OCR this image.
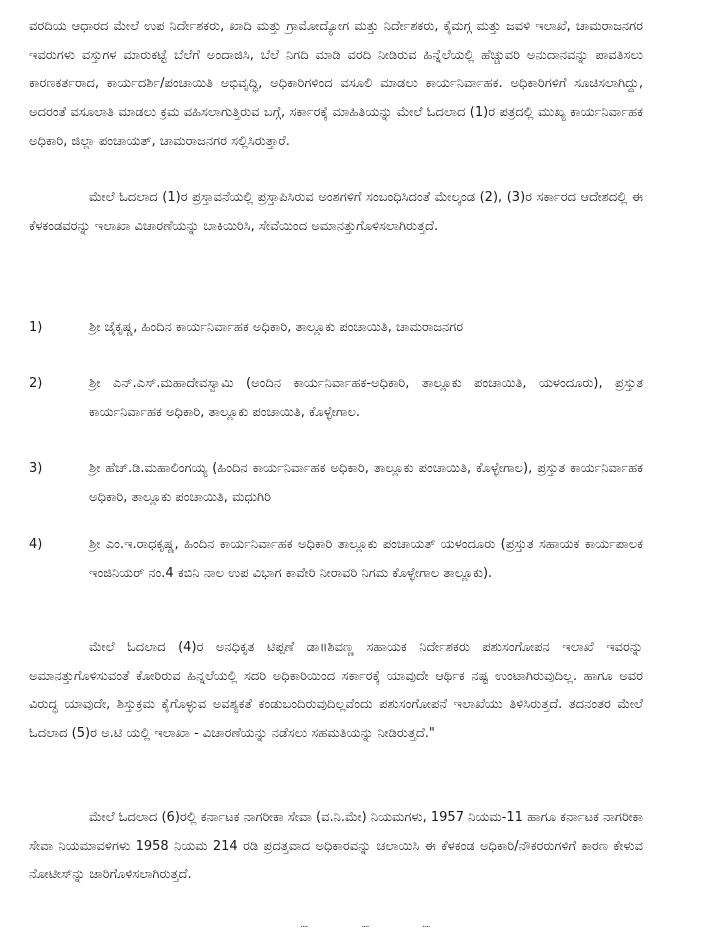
ವರದಿಯ ಆಧಾರದ ಮೇಲೆ ಉಪ ನಿರ್ದೇಶಕರು, ಖಾದಿ ಮತ್ತು ಗ್ರಾಮೋದ್ಯೋಗ ಮತ್ತು ನಿರ್ದೇಶಕರು, ಕೈಮಗ್ಗ ಮತ್ತು ಜವಳಿ ಇಲಾಖೆ, ಚಾಮರಾಜನಗರ ಇವರುಗಳು ವಸ್ತುಗಳ ಮಾರುಕಟ್ಟೆ ಬೆಲೆಗೆ ಅಂದಾಜಿಸಿ, ಬೆಲೆ ನಿಗದಿ ಮಾಡಿ ವರದಿ ನೀಡಿರುವ ಹಿನ್ನೆಲೆಯಲ್ಲಿ ಹೆಚ್ಚುವರಿ ಅನುದಾನವನ್ನು ಪಾವತಿಸಲು ಕಾರಣಕರ್ತರಾದ, ಕಾರ್ಯದರ್ಶಿ/ಪಂಚಾಯಿತಿ ಅಭಿವೃದ್ಧಿ, ಅಧಿಕಾರಿಗಳಿಂದ ವಸೂಲಿ ಮಾಡಲು ಕಾರ್ಯನಿರ್ವಾಹಕ. ಅಧಿಕಾರಿಗಳಿಗೆ ಸೂಚಿಸಲಾಗಿದ್ದು, ಅದರಂತೆ ವಸೂಲಾತಿ ಮಾಡಲು ಕ್ರಮ ವಹಿಸಲಾಗುತ್ತಿರುವ ಬಗ್ಗೆ, ಸರ್ಕಾರಕ್ಕೆ ಮಾಹಿತಿಯನ್ನು ಮೇಲೆ ಓದಲಾದ (1)ರ ಪತ್ರದಲ್ಲಿ ಮುಖ್ಯ ಕಾರ್ಯನಿರ್ವಾಹಕ ಅಧಿಕಾರಿ, ಜಿಲ್ಲಾ ಪಂಚಾಯತ್, ಚಾಮರಾಜನಗರ ಸಲ್ಲಿಸಿರುತ್ತಾರೆ.

ಮೇಲೆ ಓದಲಾದ (1)ರ ಪ್ರಸ್ತಾವನೆಯಲ್ಲಿ ಪ್ರಸ್ತಾಪಿಸಿರುವ ಅಂಶಗಳಿಗೆ ಸಂಬಂಧಿಸಿದಂತೆ ಮೇಲ್ಕಂಡ (2), (3)ರ ಸರ್ಕಾರದ ಆದೇಶದಲ್ಲಿ ಈ ಕೆಳಕಂಡವರನ್ನು ಇಲಾಖಾ ವಿಚಾರಣೆಯನ್ನು ಬಾಕಿಯಿರಿಸಿ, ಸೇವೆಯಿಂದ ಅಮಾನತ್ತುಗೊಳಿಸಲಾಗಿರುತ್ತದೆ.

1)	ಶ್ರೀ ಜೈಕೃಷ್ಣ, ಹಿಂದಿನ ಕಾರ್ಯನಿರ್ವಾಹಕ ಅಧಿಕಾರಿ, ತಾಲ್ಲೂಕು ಪಂಚಾಯಿತಿ, ಚಾಮರಾಜನಗರ
2)	ಶ್ರೀ ಎನ್.ಎಸ್.ಮಹಾದೇವಸ್ವಾಮಿ (ಅಂದಿನ ಕಾರ್ಯನಿರ್ವಾಹಕ-ಅಧಿಕಾರಿ, ತಾಲ್ಲೂಕು ಪಂಚಾಯಿತಿ, ಯಳಂದೂರು), ಪ್ರಸ್ತುತ ಕಾರ್ಯನಿರ್ವಾಹಕ ಅಧಿಕಾರಿ, ತಾಲ್ಲೂಕು ಪಂಚಾಯಿತಿ, ಕೊಳ್ಳೇಗಾಲ.
3)	ಶ್ರೀ ಹೆಚ್.ಡಿ.ಮಹಾಲಿಂಗಯ್ಯ (ಹಿಂದಿನ ಕಾರ್ಯನಿರ್ವಾಹಕ ಅಧಿಕಾರಿ, ತಾಲ್ಲೂಕು ಪಂಚಾಯಿತಿ, ಕೊಳ್ಳೇಗಾಲ), ಪ್ರಸ್ತುತ ಕಾರ್ಯನಿರ್ವಾಹಕ ಅಧಿಕಾರಿ, ತಾಲ್ಲೂಕು ಪಂಚಾಯಿತಿ, ಮಧುಗಿರಿ
4)	ಶ್ರೀ ಎಂ.ಇ.ರಾಧಕೃಷ್ಣ, ಹಿಂದಿನ ಕಾರ್ಯನಿರ್ವಾಹಕ ಅಧಿಕಾರಿ ತಾಲ್ಲೂಕು ಪಂಚಾಯತ್ ಯಳಂದೂರು (ಪ್ರಸ್ತುತ ಸಹಾಯಕ ಕಾರ್ಯಪಾಲಕ ಇಂಜಿನಿಯರ್ ನಂ.4 ಕಬಿನಿ ನಾಲ ಉಪ ವಿಭಾಗ ಕಾವೇರಿ ನೀರಾವರಿ ನಿಗಮ ಕೊಳ್ಳೇಗಾಲ ತಾಲ್ಲೂಕು).

ಮೇಲೆ ಓದಲಾದ (4)ರ ಅನಧಿಕೃತ ಟಿಪ್ಪಣೆ ಡಾ॥ಶಿವಣ್ಣ ಸಹಾಯಕ ನಿರ್ದೇಶಕರು ಪಶುಸಂಗೋಪನ ಇಲಾಖೆ ಇವರನ್ನು ಅಮಾನತ್ತುಗೊಳಿಸುವಂತೆ ಕೋರಿರುವ ಹಿನ್ನಲೆಯಲ್ಲಿ ಸದರಿ ಅಧಿಕಾರಿಯಿಂದ ಸರ್ಕಾರಕ್ಕೆ ಯಾವುದೇ ಆರ್ಥಿಕ ನಷ್ಟ ಉಂಟಾಗಿರುವುದಿಲ್ಲ. ಹಾಗೂ ಅವರ ವಿರುದ್ಧ ಯಾವುದೇ, ಶಿಸ್ತುಕ್ರಮ ಕೈಗೊಳ್ಳುವ ಅವಶ್ಯಕತೆ ಕಂಡುಬಂದಿರುವುದಿಲ್ಲವೆಂದು ಪಶುಸಂಗೋಪನೆ ಇಲಾಖೆಯು ತಿಳಿಸಿರುತ್ತದೆ. ತದನಂತರ ಮೇಲೆ ಓದಲಾದ (5)ರ ಅ.ಟಿ ಯಲ್ಲಿ ಇಲಾಖಾ - ವಿಚಾರಣೆಯನ್ನು ನಡೆಸಲು ಸಹಮತಿಯನ್ನು ನೀಡಿರುತ್ತದೆ."

ಮೇಲೆ ಓದಲಾದ (6)ರಲ್ಲಿ ಕರ್ನಾಟಕ ನಾಗರೀಕಾ ಸೇವಾ (ವ.ನಿ.ಮೇ) ನಿಯಮಗಳು, 1957 ನಿಯಮ-11 ಹಾಗೂ ಕರ್ನಾಟಕ ನಾಗರೀಕಾ ಸೇವಾ ನಿಯಮಾವಳಿಗಳು 1958 ನಿಯಮ 214 ರಡಿ ಪ್ರದತ್ತವಾದ ಅಧಿಕಾರವನ್ನು ಚಲಾಯಿಸಿ ಈ ಕೆಳಕಂಡ ಅಧಿಕಾರಿ/ನೌಕರರುಗಳಿಗೆ ಕಾರಣ ಕೇಳುವ ನೋಟೀಸ್‌ನ್ನು ಜಾರಿಗೊಳಿಸಲಾಗಿರುತ್ತದೆ.

....	....	....
